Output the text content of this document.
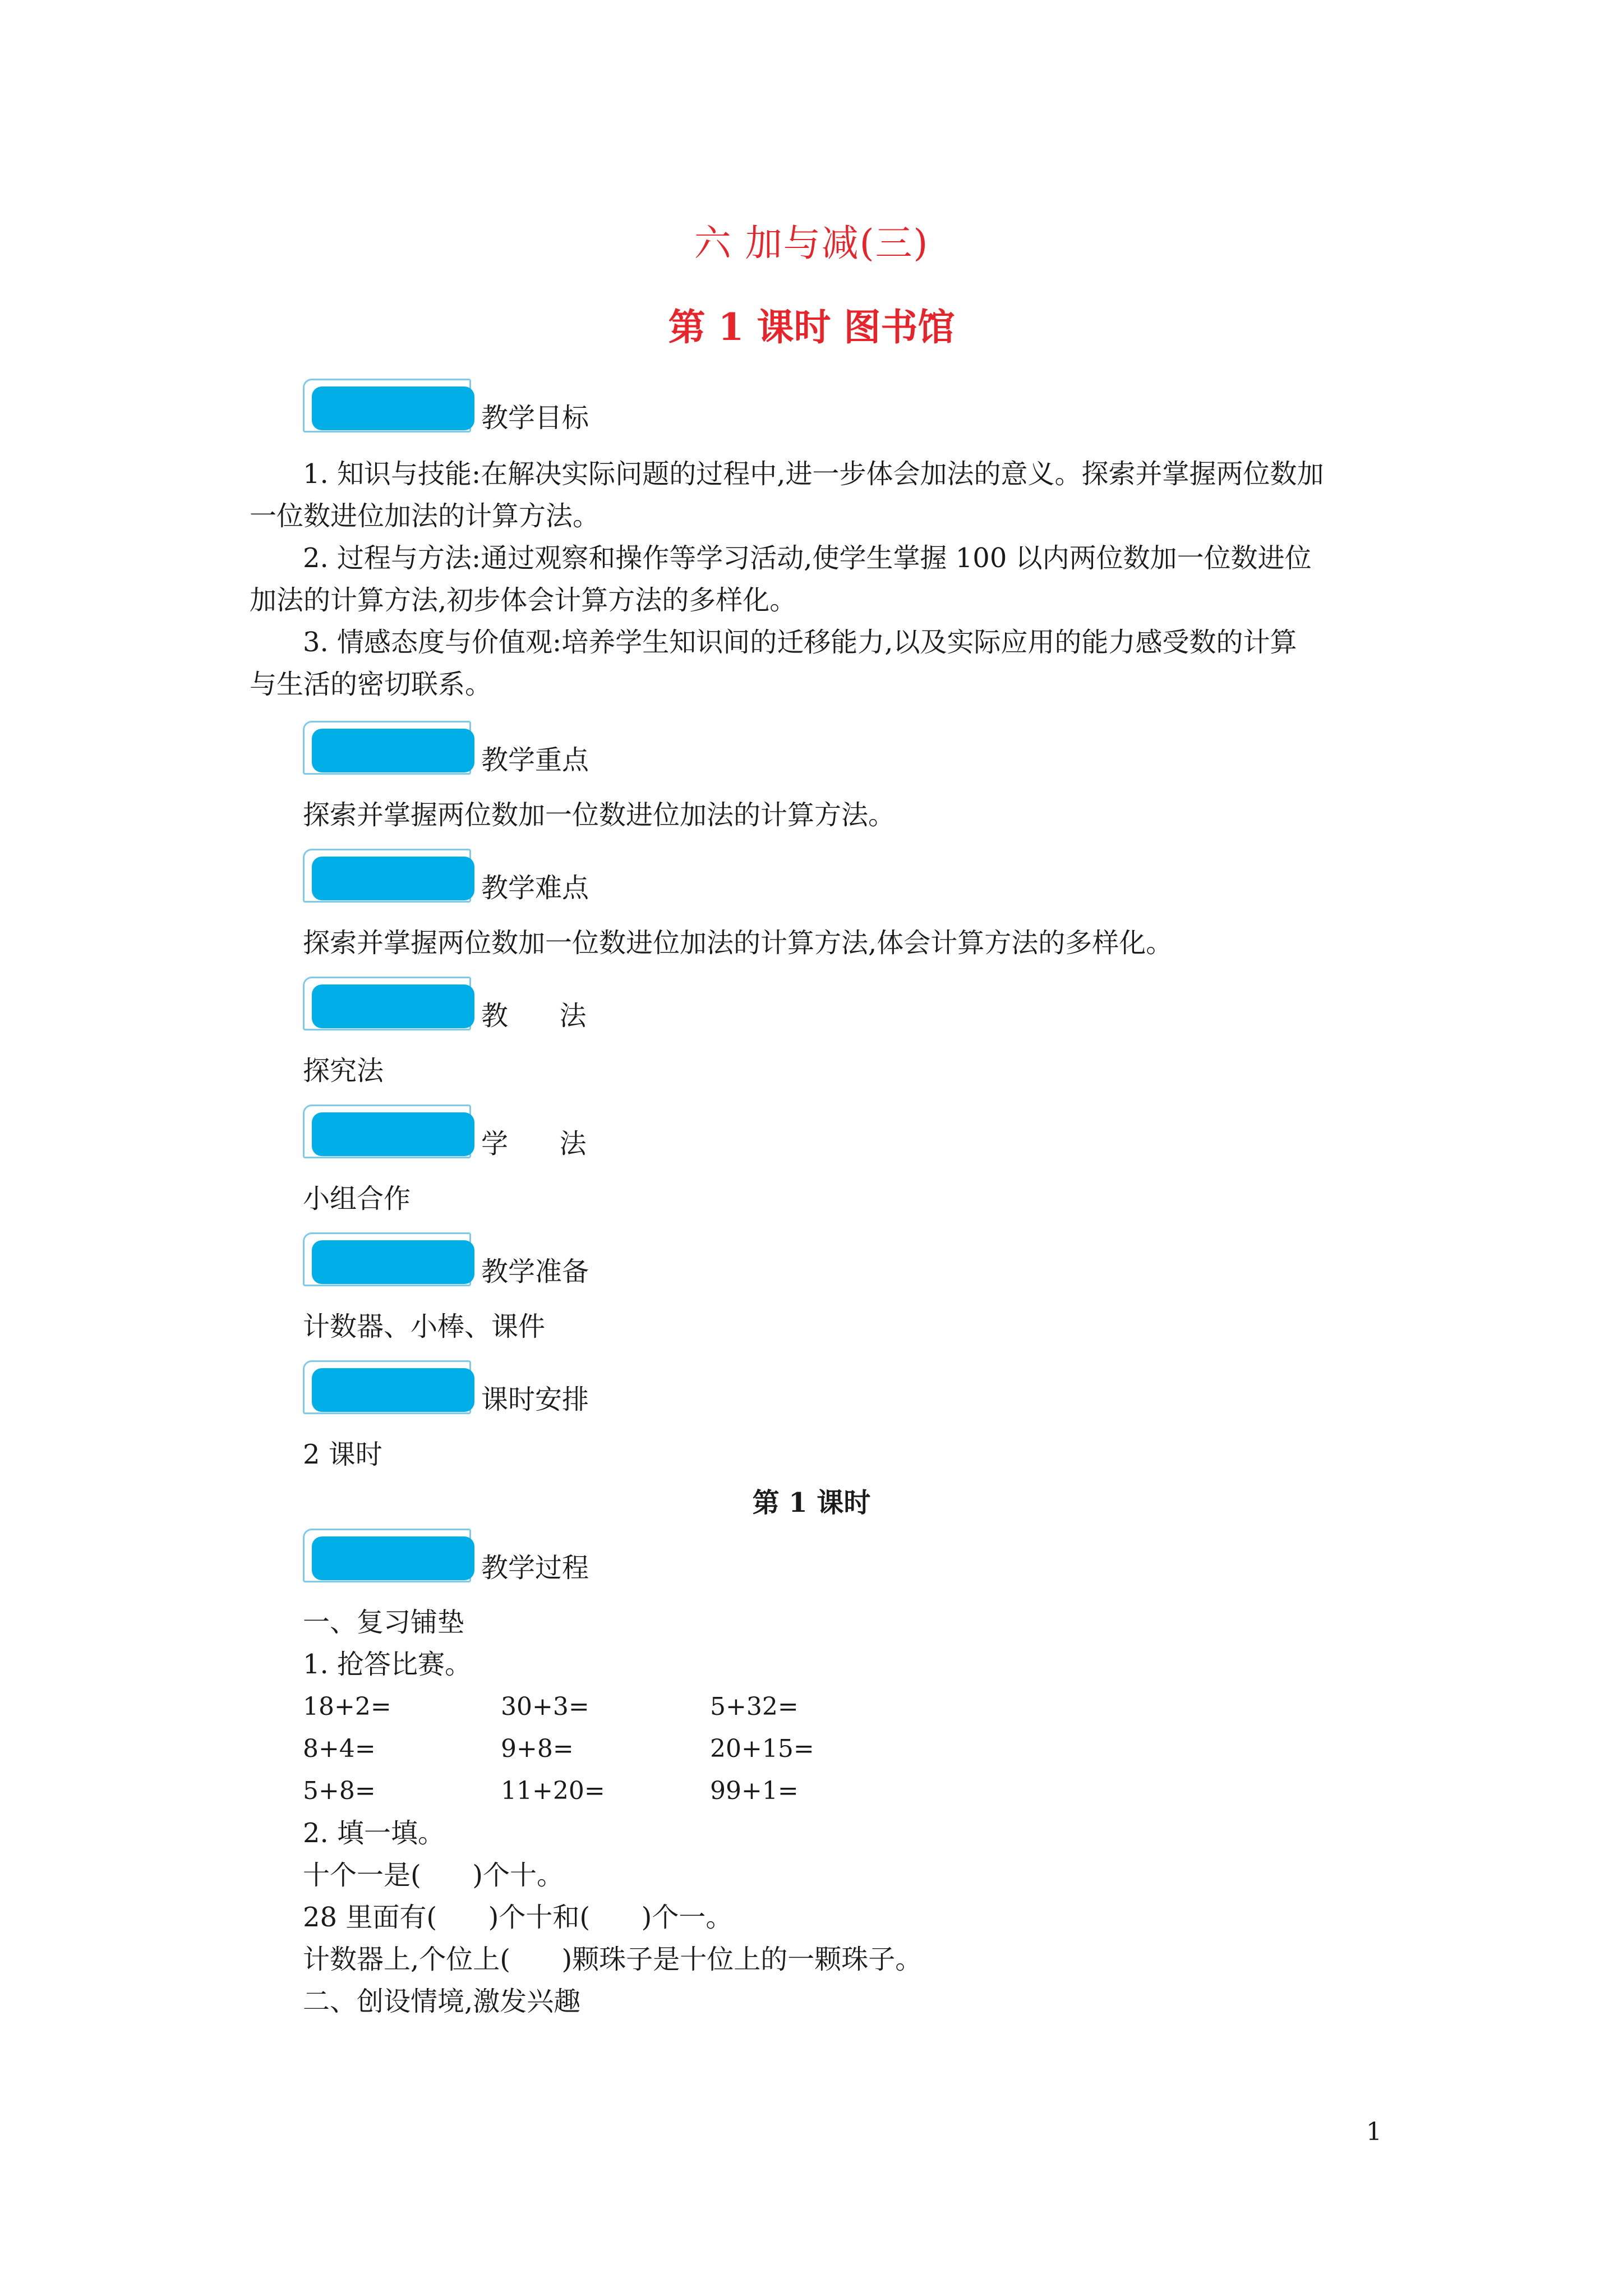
六 加与减(三)
第 1 课时 图书馆
教学目标
1. 知识与技能:在解决实际问题的过程中,进一步体会加法的意义。探索并掌握两位数加
一位数进位加法的计算方法。
2. 过程与方法:通过观察和操作等学习活动,使学生掌握 100 以内两位数加一位数进位
加法的计算方法,初步体会计算方法的多样化。
3. 情感态度与价值观:培养学生知识间的迁移能力,以及实际应用的能力感受数的计算
与生活的密切联系。
教学重点
探索并掌握两位数加一位数进位加法的计算方法。
教学难点
探索并掌握两位数加一位数进位加法的计算方法,体会计算方法的多样化。
教      法
探究法
学      法
小组合作
教学准备
计数器、小棒、课件
课时安排
2 课时
第 1 课时
教学过程
一、复习铺垫
1. 抢答比赛。
18+2=	30+3=	5+32=
8+4=	9+8=	20+15=
5+8=	11+20=	99+1=
2. 填一填。
十个一是(      )个十。
28 里面有(      )个十和(      )个一。
计数器上,个位上(      )颗珠子是十位上的一颗珠子。
二、创设情境,激发兴趣
1
